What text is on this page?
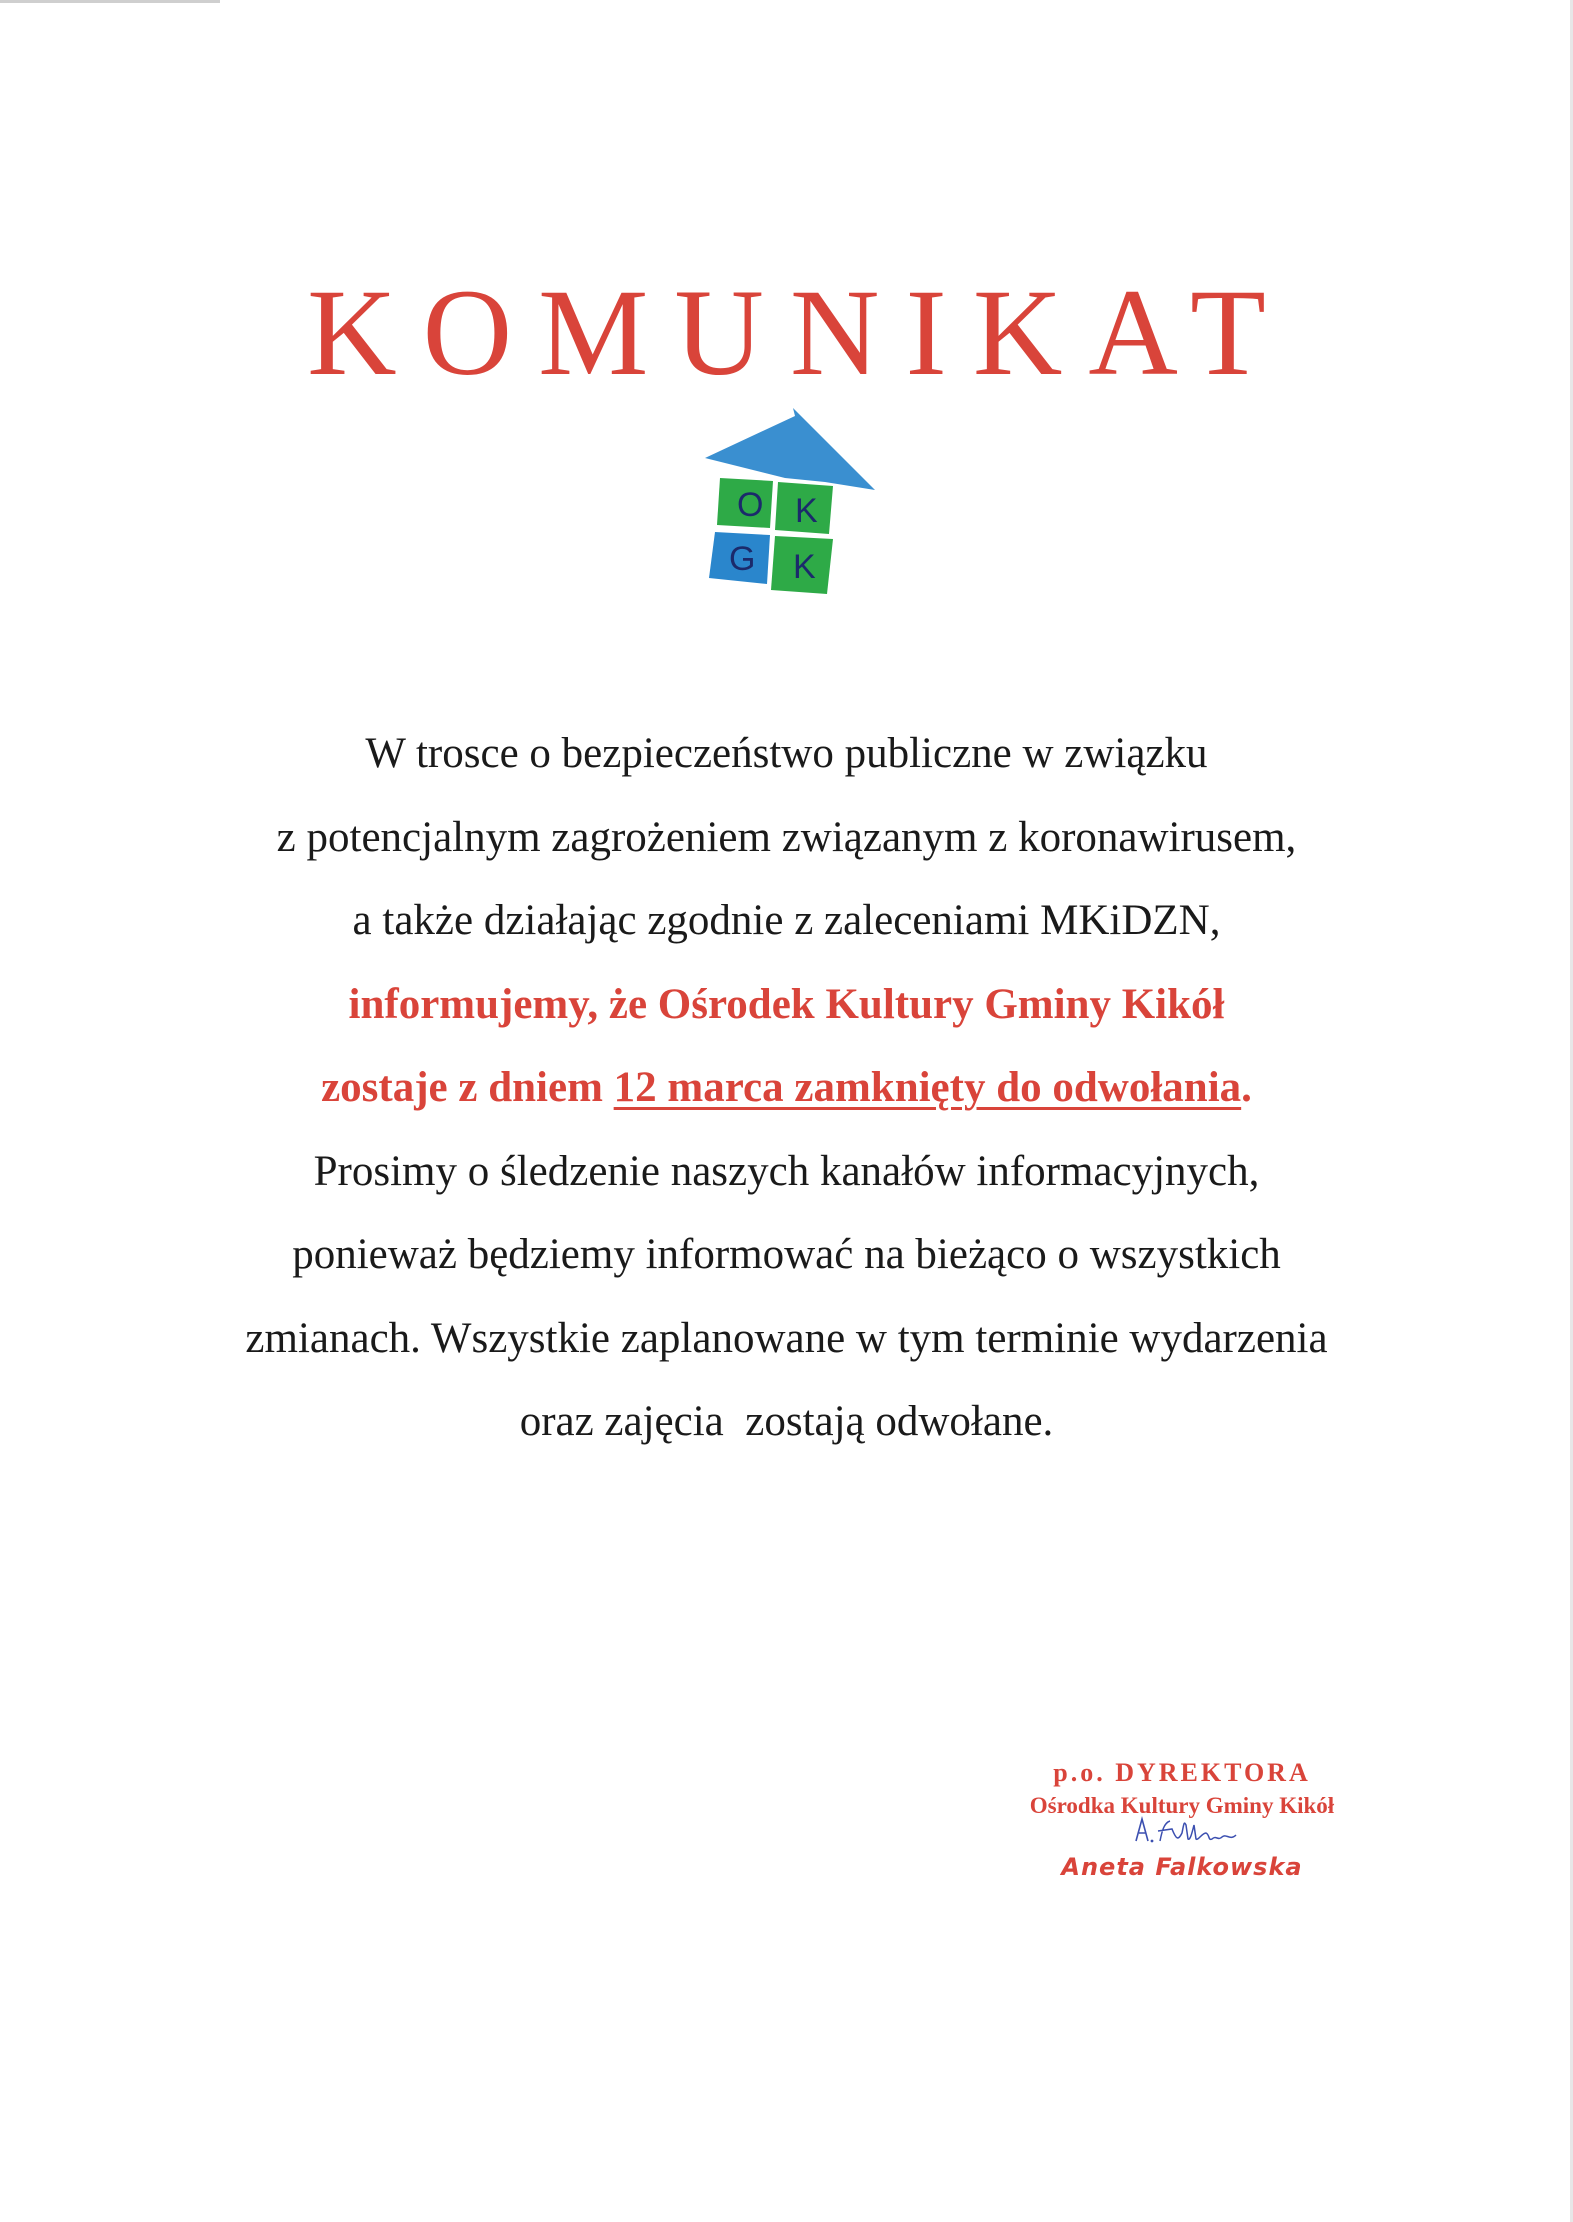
KOMUNIKAT
O K
G K
W trosce o bezpieczeństwo publiczne w związku
z potencjalnym zagrożeniem związanym z koronawirusem,
a także działając zgodnie z zaleceniami MKiDZN,
informujemy, że Ośrodek Kultury Gminy Kikół
zostaje z dniem 12 marca zamknięty do odwołania.
Prosimy o śledzenie naszych kanałów informacyjnych,
ponieważ będziemy informować na bieżąco o wszystkich
zmianach. Wszystkie zaplanowane w tym terminie wydarzenia
oraz zajęcia  zostają odwołane.
p.o. DYREKTORA
Ośrodka Kultury Gminy Kikół
Aneta Falkowska
